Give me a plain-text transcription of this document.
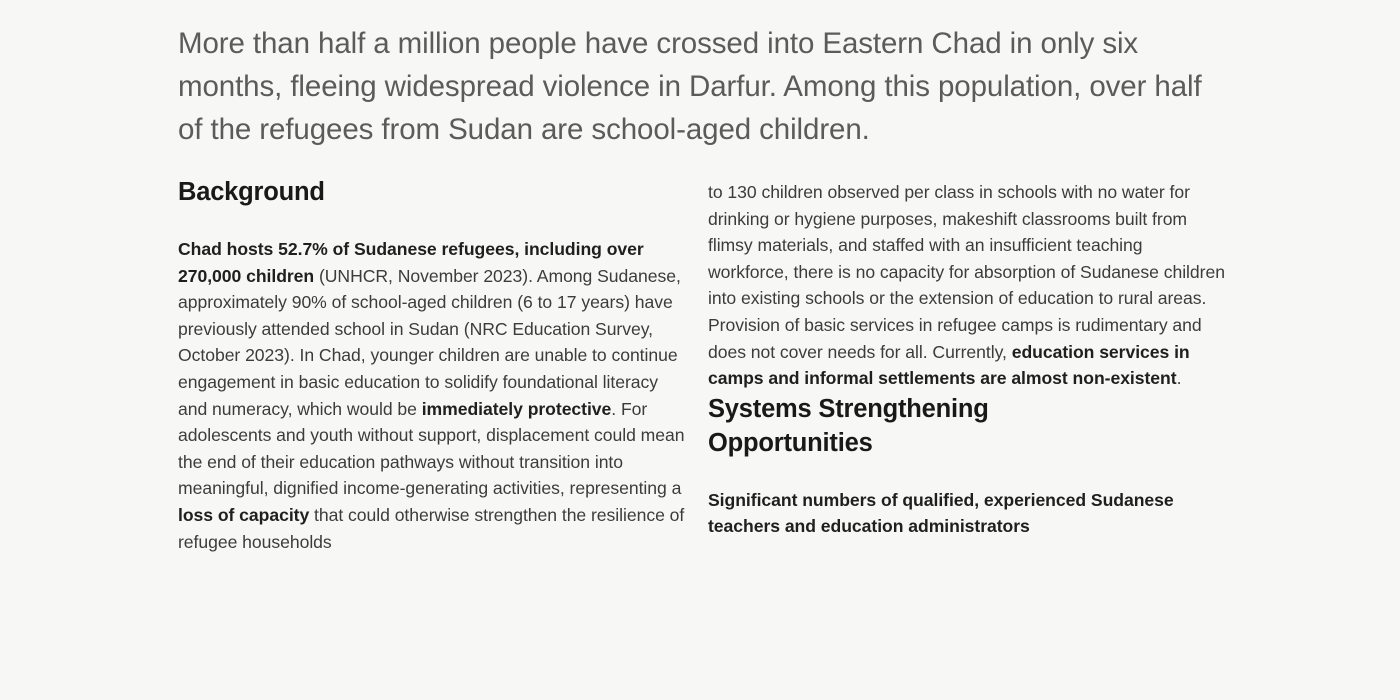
More than half a million people have crossed into Eastern Chad in only six months, fleeing widespread violence in Darfur. Among this population, over half of the refugees from Sudan are school-aged children.

Background

Chad hosts 52.7% of Sudanese refugees, including over 270,000 children (UNHCR, November 2023). Among Sudanese, approximately 90% of school-aged children (6 to 17 years) have previously attended school in Sudan (NRC Education Survey, October 2023). In Chad, younger children are unable to continue engagement in basic education to solidify foundational literacy and numeracy, which would be immediately protective. For adolescents and youth without support, displacement could mean the end of their education pathways without transition into meaningful, dignified income-generating activities, representing a loss of capacity that could otherwise strengthen the resilience of refugee households

to 130 children observed per class in schools with no water for drinking or hygiene purposes, makeshift classrooms built from flimsy materials, and staffed with an insufficient teaching workforce, there is no capacity for absorption of Sudanese children into existing schools or the extension of education to rural areas. Provision of basic services in refugee camps is rudimentary and does not cover needs for all. Currently, education services in camps and informal settlements are almost non-existent.

Systems Strengthening
Opportunities

Significant numbers of qualified, experienced Sudanese teachers and education administrators
